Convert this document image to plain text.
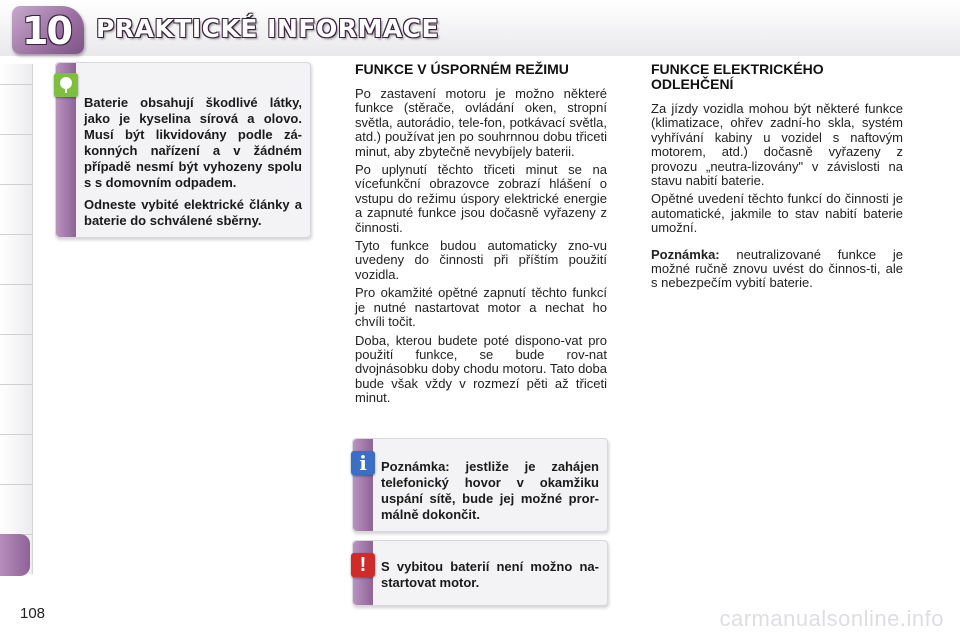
10 PRAKTICKÉ INFORMACE

Baterie obsahují škodlivé látky, jako je kyselina sírová a olovo. Musí být likvidovány podle zá-konných nařízení a v žádném případě nesmí být vyhozeny spolu s s domovním odpadem.

Odneste vybité elektrické články a baterie do schválené sběrny.

FUNKCE V ÚSPORNÉM REŽIMU

Po zastavení motoru je možno některé funkce (stěrače, ovládání oken, stropní světla, autorádio, tele-fon, potkávací světla, atd.) používat jen po souhrnnou dobu třiceti minut, aby zbytečně nevybíjely baterii.

Po uplynutí těchto třiceti minut se na vícefunkční obrazovce zobrazí hlášení o vstupu do režimu úspory elektrické energie a zapnuté funkce jsou dočasně vyřazeny z činnosti.

Tyto funkce budou automaticky zno-vu uvedeny do činnosti při příštím použití vozidla.

Pro okamžité opětné zapnutí těchto funkcí je nutné nastartovat motor a nechat ho chvíli točit.

Doba, kterou budete poté dispono-vat pro použití funkce, se bude rov-nat dvojnásobku doby chodu motoru. Tato doba bude však vždy v rozmezí pěti až třiceti minut.

FUNKCE ELEKTRICKÉHO ODLEHČENÍ

Za jízdy vozidla mohou být některé funkce (klimatizace, ohřev zadní-ho skla, systém vyhřívání kabiny u vozidel s naftovým motorem, atd.) dočasně vyřazeny z provozu „neutra-lizovány" v závislosti na stavu nabití baterie.

Opětné uvedení těchto funkcí do činnosti je automatické, jakmile to stav nabití baterie umožní.

Poznámka: neutralizované funkce je možné ručně znovu uvést do činnos-ti, ale s nebezpečím vybití baterie.

i	Poznámka: jestliže je zahájen telefonický hovor v okamžiku uspání sítě, bude jej možné pror-málně dokončit.
!	S vybitou baterií není možno na-startovat motor.
108	carmanualsonline.info
